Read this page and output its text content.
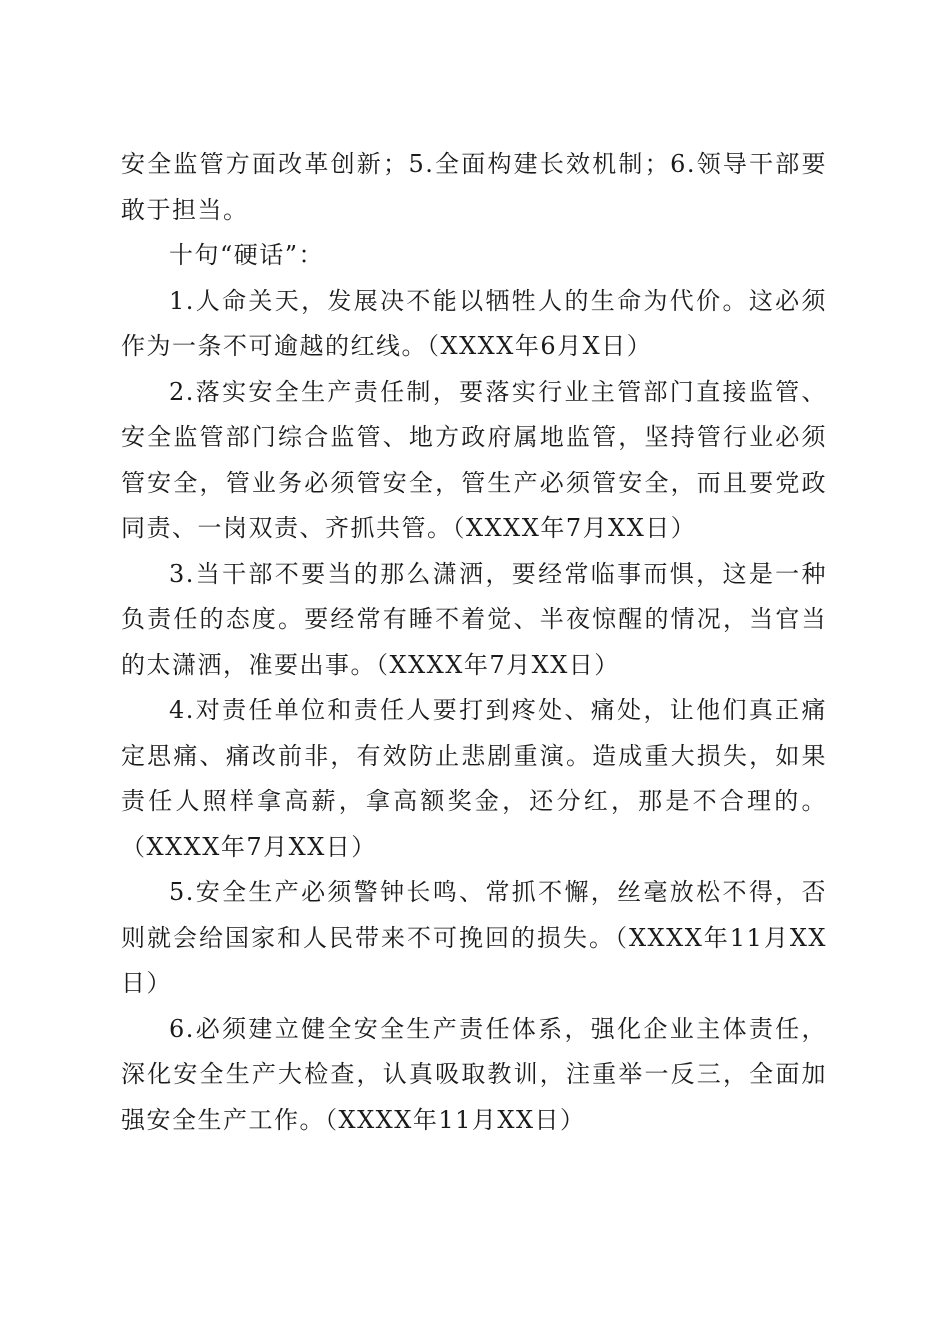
安全监管方面改革创新；5.全面构建长效机制；6.领导干部要敢于担当。

十句“硬话”：

1.人命关天，发展决不能以牺牲人的生命为代价。这必须作为一条不可逾越的红线。（XXXX年6月X日）

2.落实安全生产责任制，要落实行业主管部门直接监管、安全监管部门综合监管、地方政府属地监管，坚持管行业必须管安全，管业务必须管安全，管生产必须管安全，而且要党政同责、一岗双责、齐抓共管。（XXXX年7月XX日）

3.当干部不要当的那么潇洒，要经常临事而惧，这是一种负责任的态度。要经常有睡不着觉、半夜惊醒的情况，当官当的太潇洒，准要出事。（XXXX年7月XX日）

4.对责任单位和责任人要打到疼处、痛处，让他们真正痛定思痛、痛改前非，有效防止悲剧重演。造成重大损失，如果责任人照样拿高薪，拿高额奖金，还分红，那是不合理的。（XXXX年7月XX日）

5.安全生产必须警钟长鸣、常抓不懈，丝毫放松不得，否则就会给国家和人民带来不可挽回的损失。（XXXX年11月XX日）

6.必须建立健全安全生产责任体系，强化企业主体责任，深化安全生产大检查，认真吸取教训，注重举一反三，全面加强安全生产工作。（XXXX年11月XX日）
